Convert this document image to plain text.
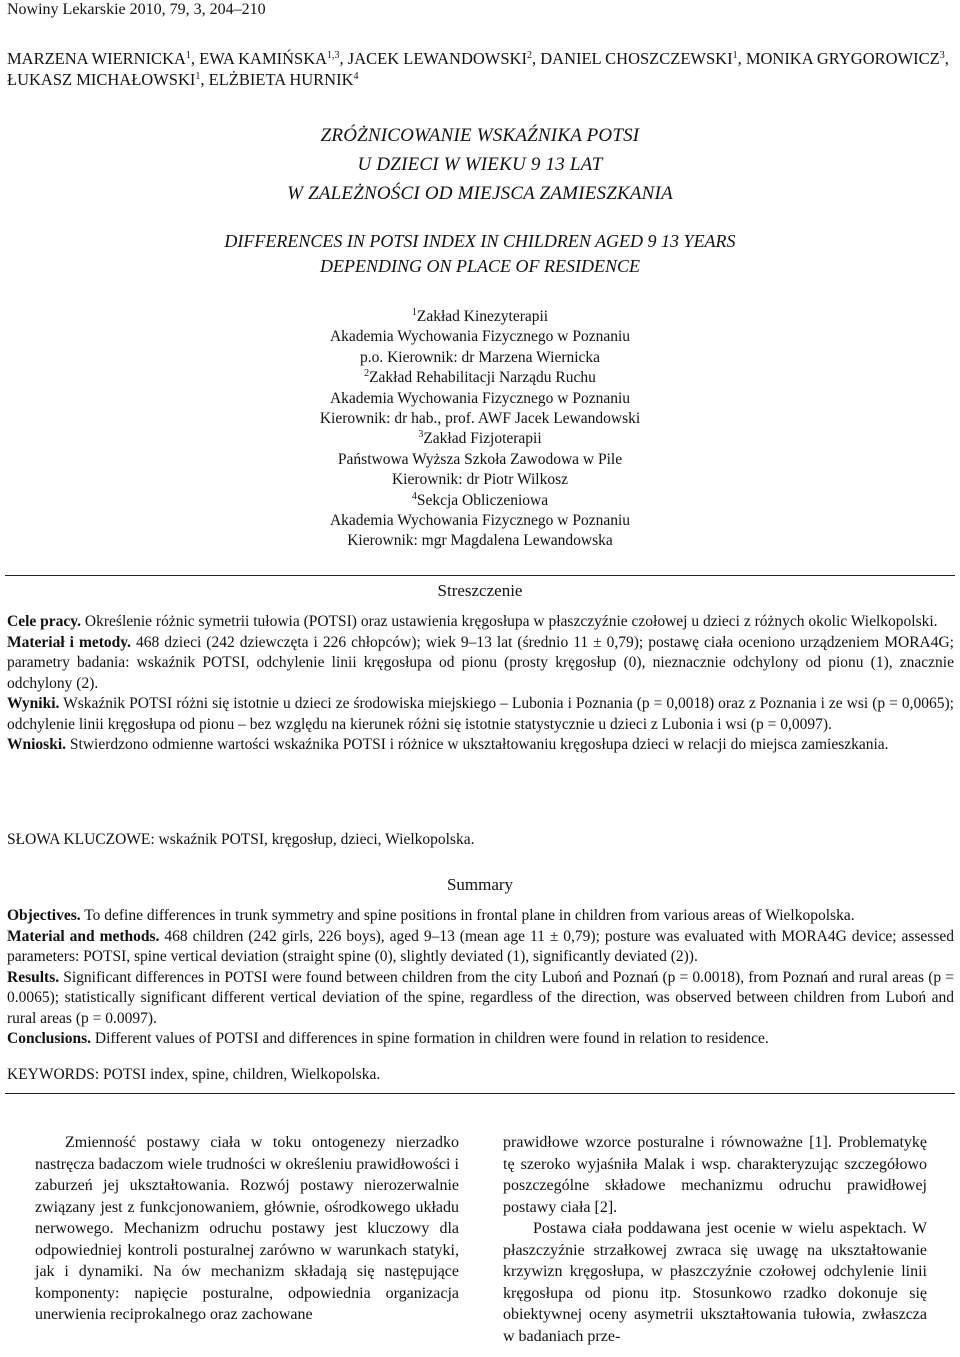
Nowiny Lekarskie 2010, 79, 3, 204–210
MARZENA WIERNICKA$^1$, EWA KAMIŃSKA$^{1,3}$, JACEK LEWANDOWSKI$^2$, DANIEL CHOSZCZEWSKI$^1$, MONIKA GRYGOROWICZ$^3$, ŁUKASZ MICHAŁOWSKI$^1$, ELŻBIETA HURNIK$^4$
ZRÓŻNICOWANIE WSKAŹNIKA POTSI
U DZIECI W WIEKU 9 13 LAT
W ZALEŻNOŚCI OD MIEJSCA ZAMIESZKANIA
DIFFERENCES IN POTSI INDEX IN CHILDREN AGED 9 13 YEARS
DEPENDING ON PLACE OF RESIDENCE
$^1$Zakład Kinezyterapii
Akademia Wychowania Fizycznego w Poznaniu
p.o. Kierownik: dr Marzena Wiernicka
$^2$Zakład Rehabilitacji Narządu Ruchu
Akademia Wychowania Fizycznego w Poznaniu
Kierownik: dr hab., prof. AWF Jacek Lewandowski
$^3$Zakład Fizjoterapii
Państwowa Wyższa Szkoła Zawodowa w Pile
Kierownik: dr Piotr Wilkosz
$^4$Sekcja Obliczeniowa
Akademia Wychowania Fizycznego w Poznaniu
Kierownik: mgr Magdalena Lewandowska
Streszczenie

Cele pracy. Określenie różnic symetrii tułowia (POTSI) oraz ustawienia kręgosłupa w płaszczyźnie czołowej u dzieci z różnych okolic Wielkopolski.

Materiał i metody. 468 dzieci (242 dziewczęta i 226 chłopców); wiek 9–13 lat (średnio 11 ± 0,79); postawę ciała oceniono urządzeniem MORA4G; parametry badania: wskaźnik POTSI, odchylenie linii kręgosłupa od pionu (prosty kręgosłup (0), nieznacznie odchylony od pionu (1), znacznie odchylony (2).

Wyniki. Wskaźnik POTSI różni się istotnie u dzieci ze środowiska miejskiego – Lubonia i Poznania (p = 0,0018) oraz z Poznania i ze wsi (p = 0,0065); odchylenie linii kręgosłupa od pionu – bez względu na kierunek różni się istotnie statystycznie u dzieci z Lubonia i wsi (p = 0,0097).

Wnioski. Stwierdzono odmienne wartości wskaźnika POTSI i różnice w ukształtowaniu kręgosłupa dzieci w relacji do miejsca zamieszkania.

SŁOWA KLUCZOWE: wskaźnik POTSI, kręgosłup, dzieci, Wielkopolska.
Summary

Objectives. To define differences in trunk symmetry and spine positions in frontal plane in children from various areas of Wielkopolska.

Material and methods. 468 children (242 girls, 226 boys), aged 9–13 (mean age 11 ± 0,79); posture was evaluated with MORA4G device; assessed parameters: POTSI, spine vertical deviation (straight spine (0), slightly deviated (1), significantly deviated (2)).

Results. Significant differences in POTSI were found between children from the city Luboń and Poznań (p = 0.0018), from Poznań and rural areas (p = 0.0065); statistically significant different vertical deviation of the spine, regardless of the direction, was observed between children from Luboń and rural areas (p = 0.0097).

Conclusions. Different values of POTSI and differences in spine formation in children were found in relation to residence.

KEYWORDS: POTSI index, spine, children, Wielkopolska.

Zmienność postawy ciała w toku ontogenezy nierzadko nastręcza badaczom wiele trudności w określeniu prawidłowości i zaburzeń jej ukształtowania. Rozwój postawy nierozerwalnie związany jest z funkcjonowaniem, głównie, ośrodkowego układu nerwowego. Mechanizm odruchu postawy jest kluczowy dla odpowiedniej kontroli posturalnej zarówno w warunkach statyki, jak i dynamiki. Na ów mechanizm składają się następujące komponenty: napięcie posturalne, odpowiednia organizacja unerwienia reciprokalnego oraz zachowane

prawidłowe wzorce posturalne i równoważne [1]. Problematykę tę szeroko wyjaśniła Malak i wsp. charakteryzując szczegółowo poszczególne składowe mechanizmu odruchu prawidłowej postawy ciała [2].

Postawa ciała poddawana jest ocenie w wielu aspektach. W płaszczyźnie strzałkowej zwraca się uwagę na ukształtowanie krzywizn kręgosłupa, w płaszczyźnie czołowej odchylenie linii kręgosłupa od pionu itp. Stosunkowo rzadko dokonuje się obiektywnej oceny asymetrii ukształtowania tułowia, zwłaszcza w badaniach prze-
